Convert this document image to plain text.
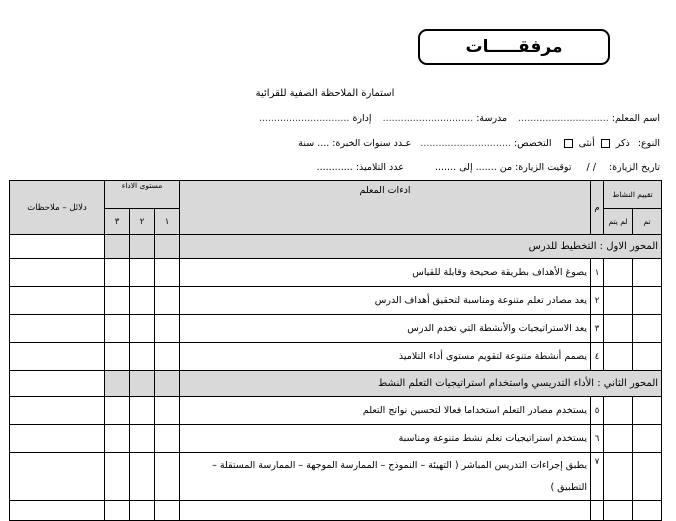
مرفقـــــات
استمارة الملاحظة الصفية للقرائية
اسم المعلم: .............................. مدرسة: .............................. إدارة ..............................
النوع: ذكر  أنثى  التخصص: .............................. عـدد سنوات الخبرة: .... سنة
تاريخ الزيارة: / / توقيت الزيارة: من ....... إلى ....... عدد التلاميذ: ............
تقييم النشاط		م	ادءات المعلم	مستوى الاداء			دلائل – ملاحظات
تم	لم يتم			١	٢	٣	
المحور الاول : التخطيط للدرس							
		١	يصوغ الأهداف بطريقة صحيحة وقابلة للقياس				
		٢	يعد مصادر تعلم متنوعة ومناسبة لتحقيق أهداف الدرس				
		٣	يعد الاستراتيجيات والأنشطة التي تخدم الدرس				
		٤	يصمم أنشطة متنوعة لتقويم مستوى أداء التلاميذ				
المحور الثاني : الأداء التدريسي واستخدام استراتيجيات التعلم النشط							
		٥	يستخدم مصادر التعلم استخداما فعالا لتحسين نواتج التعلم				
		٦	يستخدم استراتيجيات تعلم نشط متنوعة ومناسبة				
		٧	يطبق إجراءات التدريس المباشر ( التهيئة – النموذج – الممارسة الموجهة – الممارسة المستقلة – التطبيق )				
